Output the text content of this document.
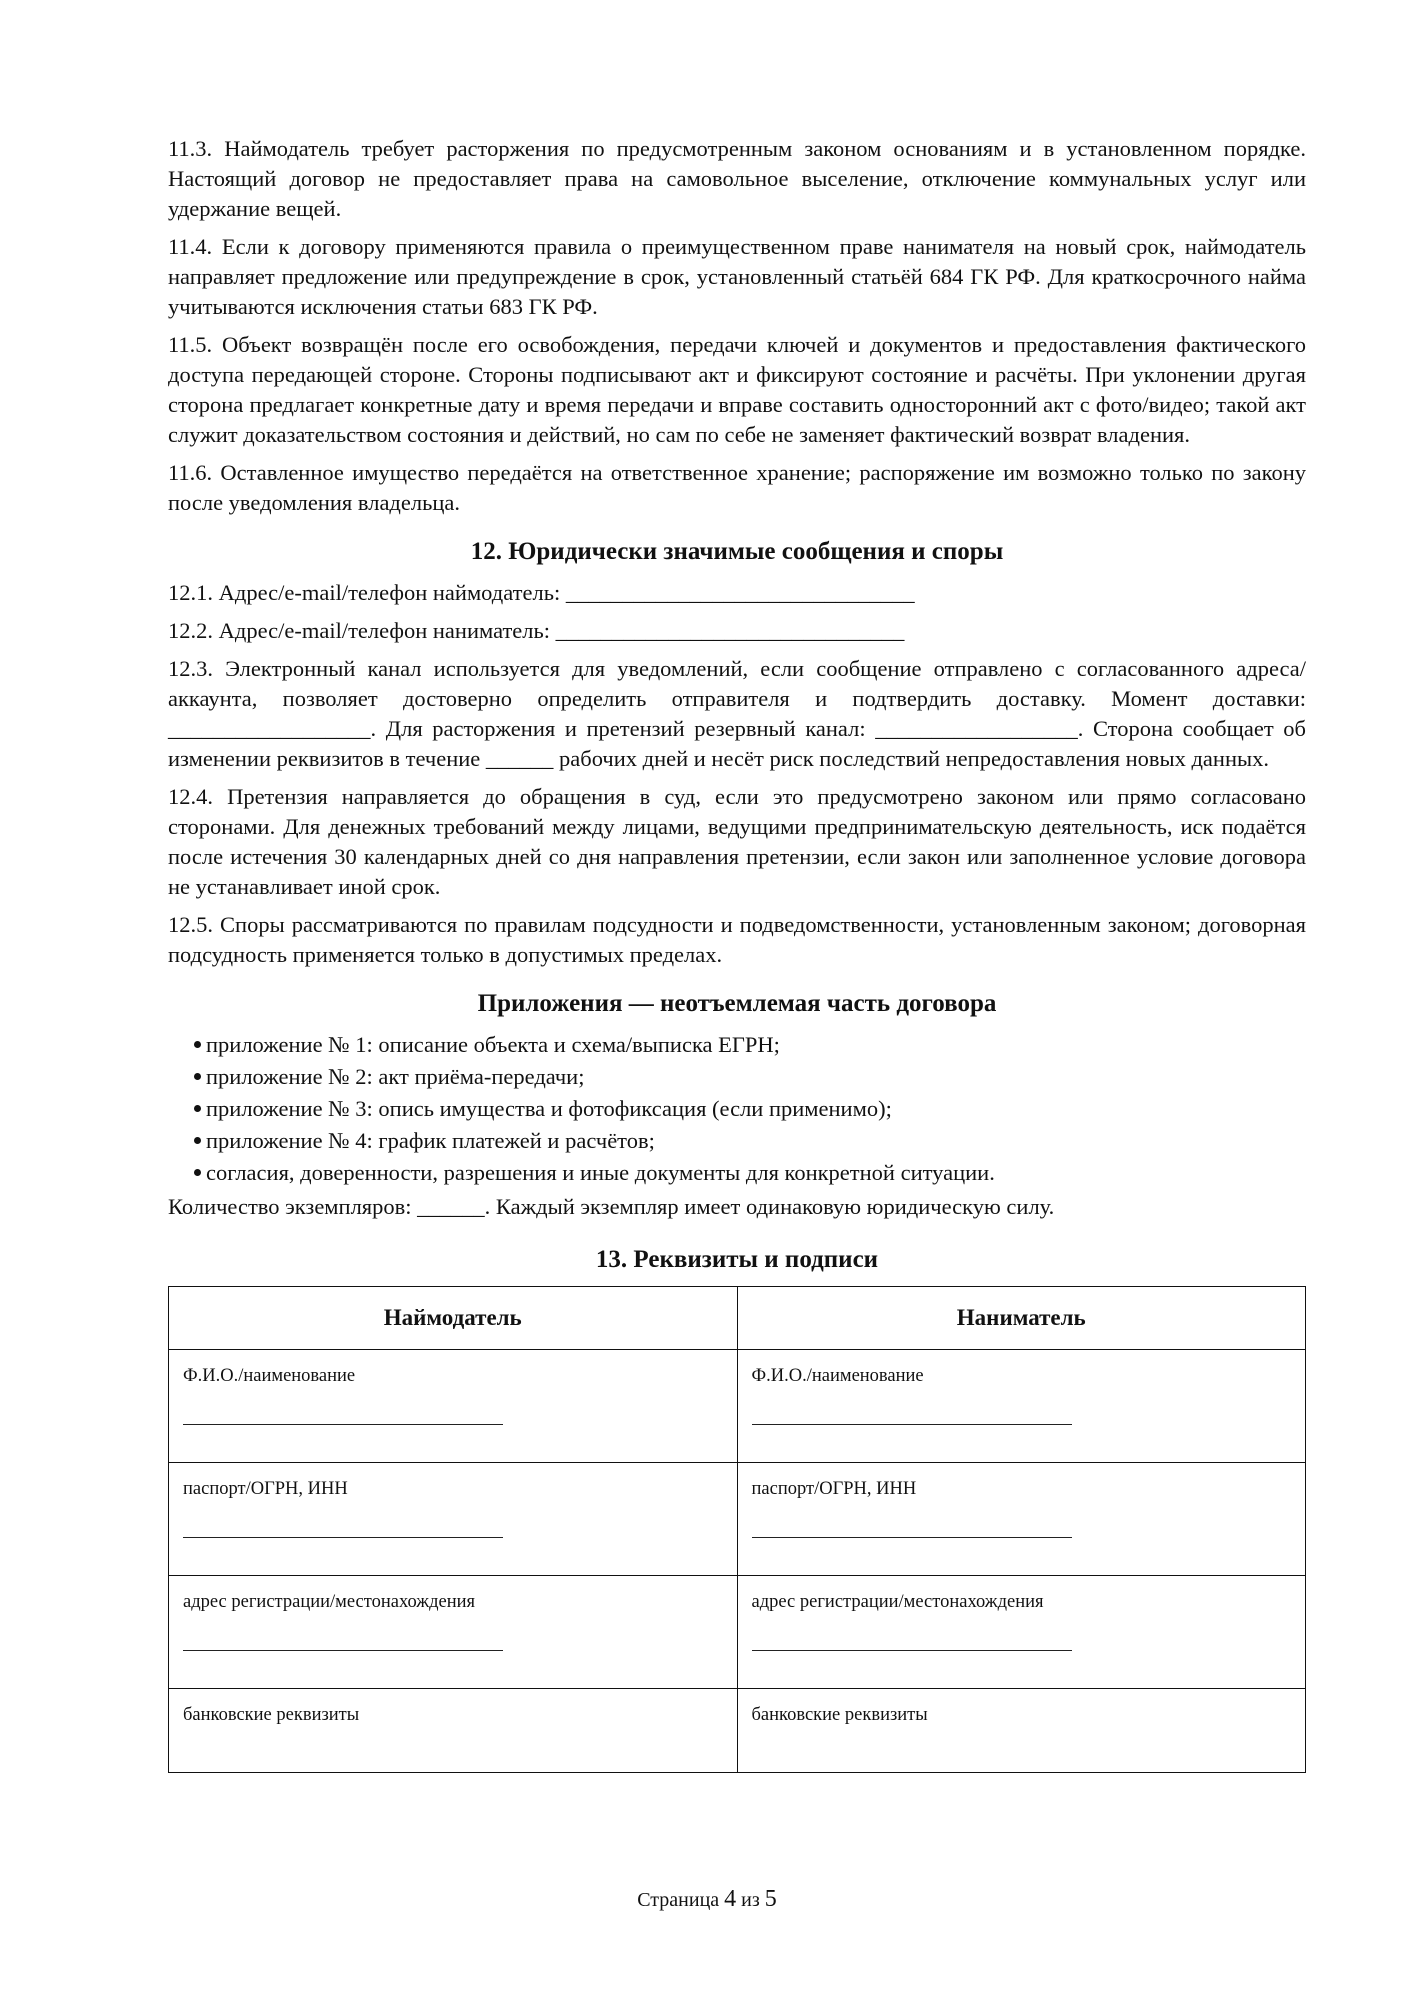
11.3. Наймодатель требует расторжения по предусмотренным законом основаниям и в установленном порядке. Настоящий договор не предоставляет права на самовольное выселение, отключение коммунальных услуг или удержание вещей.

11.4. Если к договору применяются правила о преимущественном праве нанимателя на новый срок, наймодатель направляет предложение или предупреждение в срок, установленный статьёй 684 ГК РФ. Для краткосрочного найма учитываются исключения статьи 683 ГК РФ.

11.5. Объект возвращён после его освобождения, передачи ключей и документов и предоставления фактического доступа передающей стороне. Стороны подписывают акт и фиксируют состояние и расчёты. При уклонении другая сторона предлагает конкретные дату и время передачи и вправе составить односторонний акт с фото/видео; такой акт служит доказательством состояния и действий, но сам по себе не заменяет фактический возврат владения.

11.6. Оставленное имущество передаётся на ответственное хранение; распоряжение им возможно только по закону после уведомления владельца.

12. Юридически значимые сообщения и споры

12.1. Адрес/e-mail/телефон наймодатель: _______________________________

12.2. Адрес/e-mail/телефон наниматель: _______________________________

12.3. Электронный канал используется для уведомлений, если сообщение отправлено с согласованного адреса/аккаунта, позволяет достоверно определить отправителя и подтвердить доставку. Момент доставки: __________________. Для расторжения и претензий резервный канал: __________________. Сторона сообщает об изменении реквизитов в течение ______ рабочих дней и несёт риск последствий непредоставления новых данных.

12.4. Претензия направляется до обращения в суд, если это предусмотрено законом или прямо согласовано сторонами. Для денежных требований между лицами, ведущими предпринимательскую деятельность, иск подаётся после истечения 30 календарных дней со дня направления претензии, если закон или заполненное условие договора не устанавливает иной срок.

12.5. Споры рассматриваются по правилам подсудности и подведомственности, установленным законом; договорная подсудность применяется только в допустимых пределах.

Приложения — неотъемлемая часть договора
приложение № 1: описание объекта и схема/выписка ЕГРН;
приложение № 2: акт приёма-передачи;
приложение № 3: опись имущества и фотофиксация (если применимо);
приложение № 4: график платежей и расчётов;
согласия, доверенности, разрешения и иные документы для конкретной ситуации.

Количество экземпляров: ______. Каждый экземпляр имеет одинаковую юридическую силу.

13. Реквизиты и подписи
Наймодатель	Наниматель

Ф.И.О./наименование	Ф.И.О./наименование

паспорт/ОГРН, ИНН	паспорт/ОГРН, ИНН

адрес регистрации/местонахождения	адрес регистрации/местонахождения

банковские реквизиты	банковские реквизиты
Страница 4 из 5
